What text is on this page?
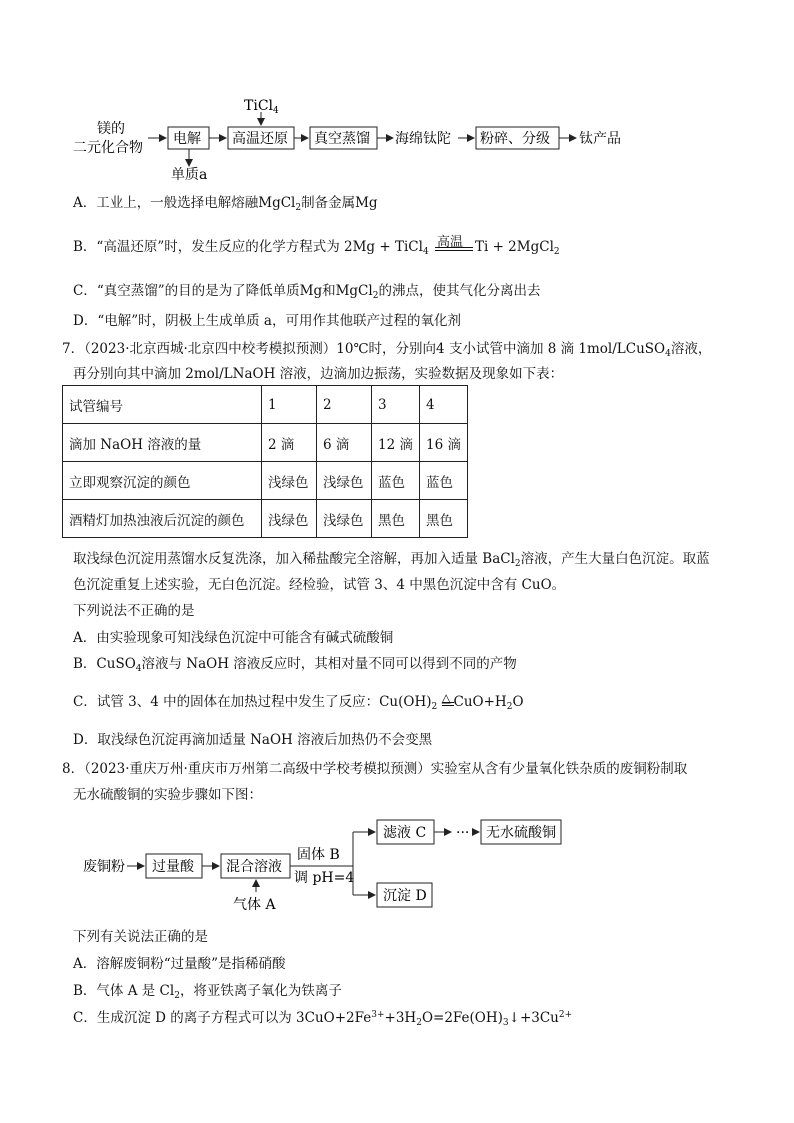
镁的
二元化合物
电解
单质a
TiCl$_4$
高温还原 真空蒸馏 海绵钛陀 粉碎、分级 钛产品
A．工业上，一般选择电解熔融MgCl$_2$制备金属Mg
B．“高温还原”时，发生反应的化学方程式为 2Mg + TiCl$_4$
高温 Ti + 2MgCl$_2$
C．“真空蒸馏”的目的是为了降低单质Mg和MgCl$_2$的沸点，使其气化分离出去
D．“电解”时，阴极上生成单质 a，可用作其他联产过程的氧化剂
7．（2023·北京西城·北京四中校考模拟预测）10℃时，分别向4 支小试管中滴加 8 滴 1mol/LCuSO$_4$溶液，
再分别向其中滴加 2mol/LNaOH 溶液，边滴加边振荡，实验数据及现象如下表：
试管编号	1	2	3	4
滴加 NaOH 溶液的量	2 滴	6 滴	12 滴	16 滴
立即观察沉淀的颜色	浅绿色	浅绿色	蓝色	蓝色
酒精灯加热浊液后沉淀的颜色	浅绿色	浅绿色	黑色	黑色
取浅绿色沉淀用蒸馏水反复洗涤，加入稀盐酸完全溶解，再加入适量 BaCl$_2$溶液，产生大量白色沉淀。取蓝
色沉淀重复上述实验，无白色沉淀。经检验，试管 3、4 中黑色沉淀中含有 CuO。
下列说法不正确的是
A．由实验现象可知浅绿色沉淀中可能含有碱式硫酸铜
B．CuSO$_4$溶液与 NaOH 溶液反应时，其相对量不同可以得到不同的产物
C．试管 3、4 中的固体在加热过程中发生了反应：$Cu(OH)_2$
△ $CuO+H_2O$
D．取浅绿色沉淀再滴加适量 NaOH 溶液后加热仍不会变黑
8．（2023·重庆万州·重庆市万州第二高级中学校考模拟预测）实验室从含有少量氧化铁杂质的废铜粉制取
无水硫酸铜的实验步骤如下图：
废铜粉 过量酸 混合溶液
气体 A
固体 B
调 pH=4
滤液 C ··· 无水硫酸铜
沉淀 D
下列有关说法正确的是
A．溶解废铜粉“过量酸”是指稀硝酸
B．气体 A 是 $Cl_2$，将亚铁离子氧化为铁离子
C．生成沉淀 D 的离子方程式可以为 $3CuO+2Fe^{3+}+3H_2O=2Fe(OH)_3↓+3Cu^{2+}$
